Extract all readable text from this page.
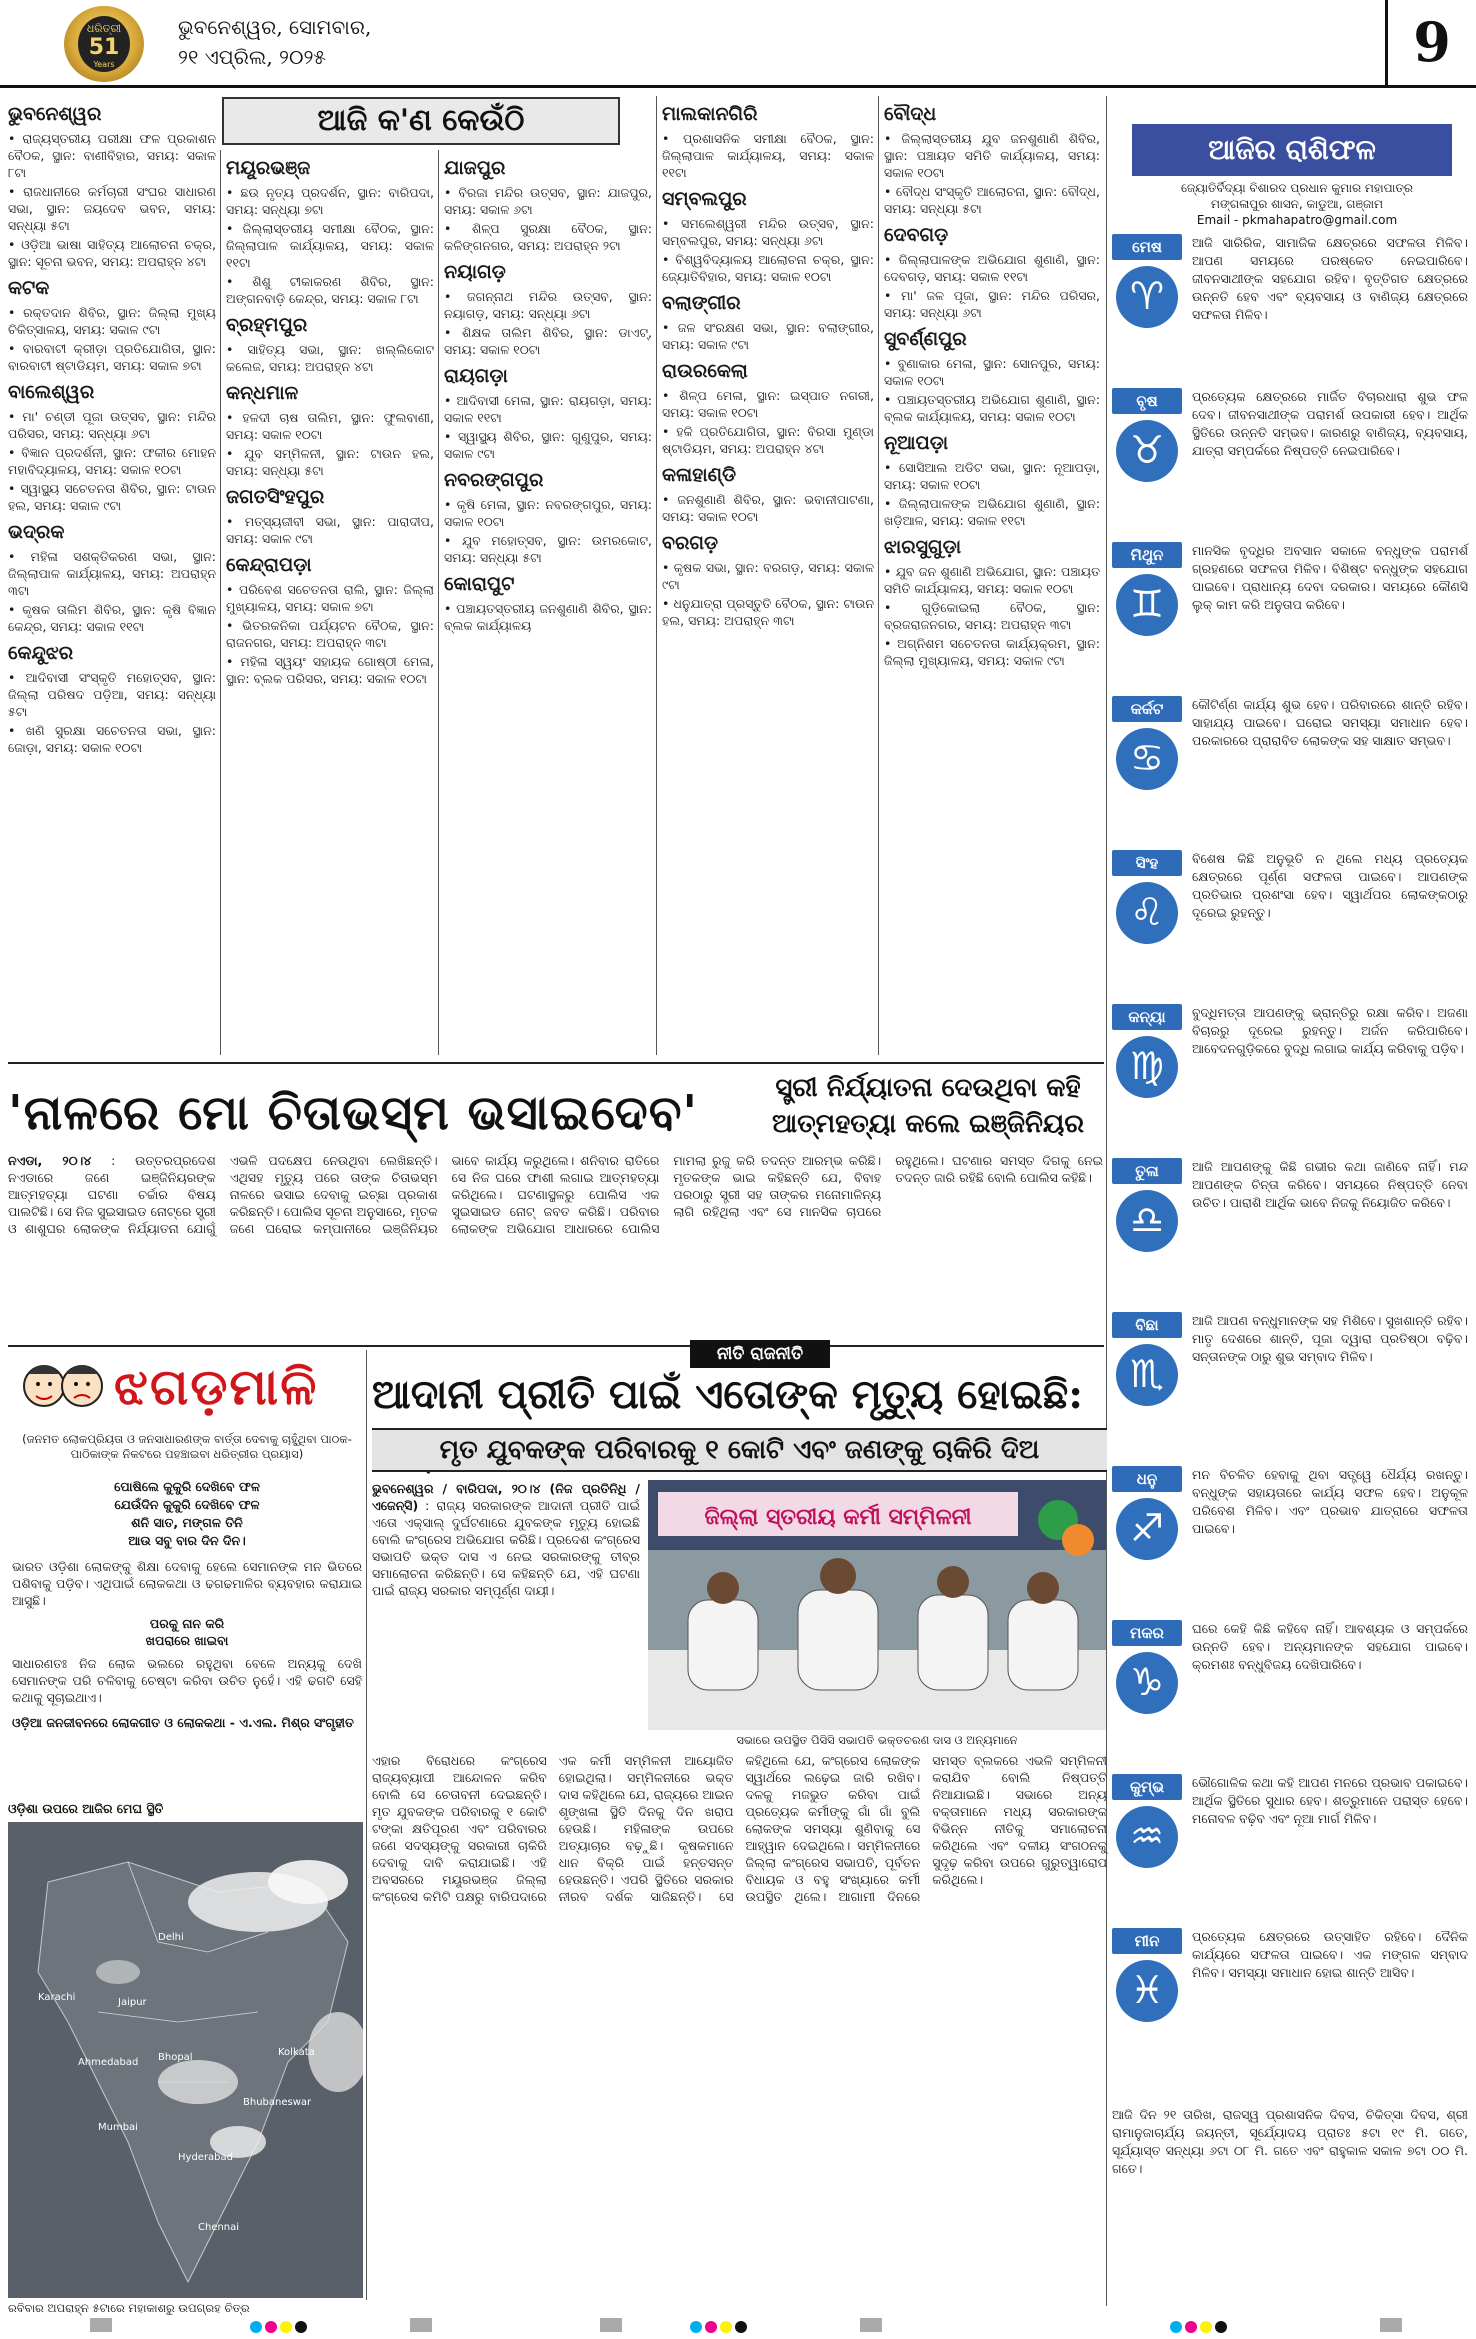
ଧରିତ୍ରୀ
51
Years
ଭୁବନେଶ୍ୱର, ସୋମବାର,
୨୧ ଏପ୍ରିଲ, ୨୦୨୫	9
ଆଜି କ'ଣ କେଉଁଠି
ଭୁବନେଶ୍ୱର
• ରାଜ୍ୟସ୍ତରୀୟ ପରୀକ୍ଷା ଫଳ ପ୍ରକାଶନ ବୈଠକ, ସ୍ଥାନ: ବାଣୀବିହାର, ସମୟ: ସକାଳ ୮ଟା
• ରାଜଧାନୀରେ କର୍ମଚାରୀ ସଂଘର ସାଧାରଣ ସଭା, ସ୍ଥାନ: ଜୟଦେବ ଭବନ, ସମୟ: ସନ୍ଧ୍ୟା ୫ଟା
• ଓଡ଼ିଆ ଭାଷା ସାହିତ୍ୟ ଆଲୋଚନା ଚକ୍ର, ସ୍ଥାନ: ସୂଚନା ଭବନ, ସମୟ: ଅପରାହ୍ନ ୪ଟା
କଟକ
• ରକ୍ତଦାନ ଶିବିର, ସ୍ଥାନ: ଜିଲ୍ଲା ମୁଖ୍ୟ ଚିକିତ୍ସାଳୟ, ସମୟ: ସକାଳ ୯ଟା
• ବାରବାଟୀ କ୍ରୀଡ଼ା ପ୍ରତିଯୋଗିତା, ସ୍ଥାନ: ବାରବାଟୀ ଷ୍ଟାଡିୟମ, ସମୟ: ସକାଳ ୭ଟା
ବାଲେଶ୍ୱର
• ମା' ଚଣ୍ଡୀ ପୂଜା ଉତ୍ସବ, ସ୍ଥାନ: ମନ୍ଦିର ପରିସର, ସମୟ: ସନ୍ଧ୍ୟା ୬ଟା
• ବିଜ୍ଞାନ ପ୍ରଦର୍ଶନୀ, ସ୍ଥାନ: ଫକୀର ମୋହନ ମହାବିଦ୍ୟାଳୟ, ସମୟ: ସକାଳ ୧୦ଟା
• ସ୍ୱାସ୍ଥ୍ୟ ସଚେତନତା ଶିବିର, ସ୍ଥାନ: ଟାଉନ ହଲ, ସମୟ: ସକାଳ ୯ଟା
ଭଦ୍ରକ
• ମହିଳା ସଶକ୍ତିକରଣ ସଭା, ସ୍ଥାନ: ଜିଲ୍ଲାପାଳ କାର୍ଯ୍ୟାଳୟ, ସମୟ: ଅପରାହ୍ନ ୩ଟା
• କୃଷକ ତାଲିମ ଶିବିର, ସ୍ଥାନ: କୃଷି ବିଜ୍ଞାନ କେନ୍ଦ୍ର, ସମୟ: ସକାଳ ୧୧ଟା
କେନ୍ଦୁଝର
• ଆଦିବାସୀ ସଂସ୍କୃତି ମହୋତ୍ସବ, ସ୍ଥାନ: ଜିଲ୍ଲା ପରିଷଦ ପଡ଼ିଆ, ସମୟ: ସନ୍ଧ୍ୟା ୫ଟା
• ଖଣି ସୁରକ୍ଷା ସଚେତନତା ସଭା, ସ୍ଥାନ: ଜୋଡ଼ା, ସମୟ: ସକାଳ ୧୦ଟା
ମୟୂରଭଞ୍ଜ
• ଛଉ ନୃତ୍ୟ ପ୍ରଦର୍ଶନ, ସ୍ଥାନ: ବାରିପଦା, ସମୟ: ସନ୍ଧ୍ୟା ୭ଟା
• ଜିଲ୍ଲାସ୍ତରୀୟ ସମୀକ୍ଷା ବୈଠକ, ସ୍ଥାନ: ଜିଲ୍ଲାପାଳ କାର୍ଯ୍ୟାଳୟ, ସମୟ: ସକାଳ ୧୧ଟା
• ଶିଶୁ ଟୀକାକରଣ ଶିବିର, ସ୍ଥାନ: ଅଙ୍ଗନବାଡ଼ି କେନ୍ଦ୍ର, ସମୟ: ସକାଳ ୮ଟା
ବ୍ରହ୍ମପୁର
• ସାହିତ୍ୟ ସଭା, ସ୍ଥାନ: ଖଲ୍ଲିକୋଟ କଲେଜ, ସମୟ: ଅପରାହ୍ନ ୪ଟା
କନ୍ଧମାଳ
• ହଳଦୀ ଚାଷ ତାଲିମ, ସ୍ଥାନ: ଫୁଲବାଣୀ, ସମୟ: ସକାଳ ୧୦ଟା
• ଯୁବ ସମ୍ମିଳନୀ, ସ୍ଥାନ: ଟାଉନ ହଲ, ସମୟ: ସନ୍ଧ୍ୟା ୫ଟା
ଜଗତସିଂହପୁର
• ମତ୍ସ୍ୟଜୀବୀ ସଭା, ସ୍ଥାନ: ପାରାଦୀପ, ସମୟ: ସକାଳ ୯ଟା
କେନ୍ଦ୍ରାପଡ଼ା
• ପରିବେଶ ସଚେତନତା ରାଲି, ସ୍ଥାନ: ଜିଲ୍ଲା ମୁଖ୍ୟାଳୟ, ସମୟ: ସକାଳ ୭ଟା
• ଭିତରକନିକା ପର୍ଯ୍ୟଟନ ବୈଠକ, ସ୍ଥାନ: ରାଜନଗର, ସମୟ: ଅପରାହ୍ନ ୩ଟା
• ମହିଳା ସ୍ୱୟଂ ସହାୟକ ଗୋଷ୍ଠୀ ମେଳା, ସ୍ଥାନ: ବ୍ଲକ ପରିସର, ସମୟ: ସକାଳ ୧୦ଟା
ଯାଜପୁର
• ବିରଜା ମନ୍ଦିର ଉତ୍ସବ, ସ୍ଥାନ: ଯାଜପୁର, ସମୟ: ସକାଳ ୬ଟା
• ଶିଳ୍ପ ସୁରକ୍ଷା ବୈଠକ, ସ୍ଥାନ: କଳିଙ୍ଗନଗର, ସମୟ: ଅପରାହ୍ନ ୨ଟା
ନୟାଗଡ଼
• ଜଗନ୍ନାଥ ମନ୍ଦିର ଉତ୍ସବ, ସ୍ଥାନ: ନୟାଗଡ଼, ସମୟ: ସନ୍ଧ୍ୟା ୬ଟା
• ଶିକ୍ଷକ ତାଲିମ ଶିବିର, ସ୍ଥାନ: ଡାଏଟ୍, ସମୟ: ସକାଳ ୧୦ଟା
ରାୟଗଡ଼ା
• ଆଦିବାସୀ ମେଳା, ସ୍ଥାନ: ରାୟଗଡ଼ା, ସମୟ: ସକାଳ ୧୧ଟା
• ସ୍ୱାସ୍ଥ୍ୟ ଶିବିର, ସ୍ଥାନ: ଗୁଣୁପୁର, ସମୟ: ସକାଳ ୯ଟା
ନବରଙ୍ଗପୁର
• କୃଷି ମେଳା, ସ୍ଥାନ: ନବରଙ୍ଗପୁର, ସମୟ: ସକାଳ ୧୦ଟା
• ଯୁବ ମହୋତ୍ସବ, ସ୍ଥାନ: ଉମରକୋଟ, ସମୟ: ସନ୍ଧ୍ୟା ୫ଟା
କୋରାପୁଟ
• ପଞ୍ଚାୟତସ୍ତରୀୟ ଜନଶୁଣାଣି ଶିବିର, ସ୍ଥାନ: ବ୍ଲକ କାର୍ଯ୍ୟାଳୟ
ମାଲକାନଗିରି
• ପ୍ରଶାସନିକ ସମୀକ୍ଷା ବୈଠକ, ସ୍ଥାନ: ଜିଲ୍ଲାପାଳ କାର୍ଯ୍ୟାଳୟ, ସମୟ: ସକାଳ ୧୧ଟା
ସମ୍ବଲପୁର
• ସମଲେଶ୍ୱରୀ ମନ୍ଦିର ଉତ୍ସବ, ସ୍ଥାନ: ସମ୍ବଲପୁର, ସମୟ: ସନ୍ଧ୍ୟା ୬ଟା
• ବିଶ୍ୱବିଦ୍ୟାଳୟ ଆଲୋଚନା ଚକ୍ର, ସ୍ଥାନ: ଜ୍ୟୋତିବିହାର, ସମୟ: ସକାଳ ୧୦ଟା
ବଲାଙ୍ଗୀର
• ଜଳ ସଂରକ୍ଷଣ ସଭା, ସ୍ଥାନ: ବଲାଙ୍ଗୀର, ସମୟ: ସକାଳ ୯ଟା
ରାଉରକେଲା
• ଶିଳ୍ପ ମେଳା, ସ୍ଥାନ: ଇସ୍ପାତ ନଗରୀ, ସମୟ: ସକାଳ ୧୦ଟା
• ହକି ପ୍ରତିଯୋଗିତା, ସ୍ଥାନ: ବିରସା ମୁଣ୍ଡା ଷ୍ଟାଡିୟମ, ସମୟ: ଅପରାହ୍ନ ୪ଟା
କଳାହାଣ୍ଡି
• ଜନଶୁଣାଣି ଶିବିର, ସ୍ଥାନ: ଭବାନୀପାଟଣା, ସମୟ: ସକାଳ ୧୦ଟା
ବରଗଡ଼
• କୃଷକ ସଭା, ସ୍ଥାନ: ବରଗଡ଼, ସମୟ: ସକାଳ ୯ଟା
• ଧନୁଯାତ୍ରା ପ୍ରସ୍ତୁତି ବୈଠକ, ସ୍ଥାନ: ଟାଉନ ହଲ, ସମୟ: ଅପରାହ୍ନ ୩ଟା
ବୌଦ୍ଧ
• ଜିଲ୍ଲାସ୍ତରୀୟ ଯୁବ ଜନଶୁଣାଣି ଶିବିର, ସ୍ଥାନ: ପଞ୍ଚାୟତ ସମିତି କାର୍ଯ୍ୟାଳୟ, ସମୟ: ସକାଳ ୧୦ଟା
• ବୌଦ୍ଧ ସଂସ୍କୃତି ଆଲୋଚନା, ସ୍ଥାନ: ବୌଦ୍ଧ, ସମୟ: ସନ୍ଧ୍ୟା ୫ଟା
ଦେବଗଡ଼
• ଜିଲ୍ଲାପାଳଙ୍କ ଅଭିଯୋଗ ଶୁଣାଣି, ସ୍ଥାନ: ଦେବଗଡ଼, ସମୟ: ସକାଳ ୧୧ଟା
• ମା' ଜଳ ପୂଜା, ସ୍ଥାନ: ମନ୍ଦିର ପରିସର, ସମୟ: ସନ୍ଧ୍ୟା ୬ଟା
ସୁବର୍ଣ୍ଣପୁର
• ବୁଣାକାର ମେଳା, ସ୍ଥାନ: ସୋନପୁର, ସମୟ: ସକାଳ ୧୦ଟା
• ପଞ୍ଚାୟତସ୍ତରୀୟ ଅଭିଯୋଗ ଶୁଣାଣି, ସ୍ଥାନ: ବ୍ଲକ କାର୍ଯ୍ୟାଳୟ, ସମୟ: ସକାଳ ୧୦ଟା
ନୂଆପଡ଼ା
• ସୋସିଆଲ ଅଡିଟ ସଭା, ସ୍ଥାନ: ନୂଆପଡ଼ା, ସମୟ: ସକାଳ ୧୦ଟା
• ଜିଲ୍ଲାପାଳଙ୍କ ଅଭିଯୋଗ ଶୁଣାଣି, ସ୍ଥାନ: ଖଡ଼ିଆଳ, ସମୟ: ସକାଳ ୧୧ଟା
ଝାରସୁଗୁଡ଼ା
• ଯୁବ ଜନ ଶୁଣାଣି ଅଭିଯୋଗ, ସ୍ଥାନ: ପଞ୍ଚାୟତ ସମିତି କାର୍ଯ୍ୟାଳୟ, ସମୟ: ସକାଳ ୧୦ଟା
• ଗୁଡ଼ିକୋଇଲା ବୈଠକ, ସ୍ଥାନ: ବ୍ରଜରାଜନଗର, ସମୟ: ଅପରାହ୍ନ ୩ଟା
• ଅଗ୍ନିଶମ ସଚେତନତା କାର୍ଯ୍ୟକ୍ରମ, ସ୍ଥାନ: ଜିଲ୍ଲା ମୁଖ୍ୟାଳୟ, ସମୟ: ସକାଳ ୯ଟା
ଆଜିର ରାଶିଫଳ
ଜ୍ୟୋତିର୍ବିଦ୍ୟା ବିଶାରଦ ପ୍ରଧାନ କୁମାର ମହାପାତ୍ର
ମଙ୍ଗଳାପୁର ଶାସନ, କାଡୁଆ, ଗଞ୍ଜାମ
Email - pkmahapatro@gmail.com
ମେଷ
♈
ଆଜି ସାରିରିକ, ସାମାଜିକ କ୍ଷେତ୍ରରେ ସଫଳତା ମିଳିବ। ଆପଣ ସମୟରେ ପରଷ୍କେତ ନେଇପାରିବେ। ଜୀବନସାଥୀଙ୍କ ସହଯୋଗ ରହିବ। ବୃତ୍ତିଗତ କ୍ଷେତ୍ରରେ ଉନ୍ନତି ହେବ ଏବଂ ବ୍ୟବସାୟ ଓ ବାଣିଜ୍ୟ କ୍ଷେତ୍ରରେ ସଫଳତା ମିଳିବ।
ବୃଷ
♉
ପ୍ରତ୍ୟେକ କ୍ଷେତ୍ରରେ ମାର୍ଜିତ ବିଚାରଧାରା ଶୁଭ ଫଳ ଦେବ। ଜୀବନସାଥୀଙ୍କ ପରାମର୍ଶ ଉପକାରୀ ହେବ। ଆର୍ଥିକ ସ୍ଥିତିରେ ଉନ୍ନତି ସମ୍ଭବ। କାରଣରୁ ବାଣିଜ୍ୟ, ବ୍ୟବସାୟ, ଯାତ୍ରା ସମ୍ପର୍କରେ ନିଷ୍ପତ୍ତି ନେଇପାରିବେ।
ମିଥୁନ
♊
ମାନସିକ ବୃଦ୍ଧିର ଅବସାନ ସକାଳେ ବନ୍ଧୁଙ୍କ ପରାମର୍ଶ ଗ୍ରହଣରେ ସଫଳତା ମିଳିବ। ବିଶିଷ୍ଟ ବନ୍ଧୁଙ୍କ ସହଯୋଗ ପାଇବେ। ପ୍ରାଧାନ୍ୟ ଦେବା ଦରକାର। ସମୟରେ କୌଣସି ଲୁକ୍ କାମ କରି ଅନୁତାପ କରିବେ।
କର୍କଟ
♋
କୌଟିର୍ଣ୍ଣ କାର୍ଯ୍ୟ ଶୁଭ ହେବ। ପରିବାରରେ ଶାନ୍ତି ରହିବ। ସାହାଯ୍ୟ ପାଇବେ। ଘରୋଇ ସମସ୍ୟା ସମାଧାନ ହେବ। ପରକାରରେ ପ୍ରାରାବିତ ଲୋକଙ୍କ ସହ ସାକ୍ଷାତ ସମ୍ଭବ।
ସିଂହ
♌
ବିଶେଷ କିଛି ଅନୁଭୂତି ନ ଥିଲେ ମଧ୍ୟ ପ୍ରତ୍ୟେକ କ୍ଷେତ୍ରରେ ପୂର୍ଣ୍ଣ ସଫଳତା ପାଇବେ। ଆପଣଙ୍କ ପ୍ରତିଭାର ପ୍ରଶଂସା ହେବ। ସ୍ୱାର୍ଥପର ଲୋକଙ୍କଠାରୁ ଦୂରେଇ ରୁହନ୍ତୁ।
କନ୍ୟା
♍
ବୁଦ୍ଧିମତ୍ତା ଆପଣଙ୍କୁ ଭ୍ରାନ୍ତିରୁ ରକ୍ଷା କରିବ। ଅଜଣା ବିଚାରରୁ ଦୂରେଇ ରୁହନ୍ତୁ। ଅର୍ଜନ କରିପାରିବେ। ଆବେଦନଗୁଡ଼ିକରେ ବୁଦ୍ଧି ଲଗାଇ କାର୍ଯ୍ୟ କରିବାକୁ ପଡ଼ିବ।
ତୁଳା
♎
ଆଜି ଆପଣଙ୍କୁ କିଛି ଗଭୀର କଥା ଜାଣିବେ ନାହିଁ। ମନ୍ଦ ଆପଣଙ୍କ ଚିନ୍ତା କରିବେ। ସମୟରେ ନିଷ୍ପତ୍ତି ନେବା ଉଚିତ। ପାରାଶି ଆର୍ଥିକ ଭାବେ ନିଜକୁ ନିୟୋଜିତ କରିବେ।
ବିଛା
♏
ଆଜି ଆପଣ ବନ୍ଧୁମାନଙ୍କ ସହ ମିଶିବେ। ସୁଖଶାନ୍ତି ରହିବ। ମାତୃ ଦେଶରେ ଶାନ୍ତି, ପୂଜା ଦ୍ୱାରା ପ୍ରତିଷ୍ଠା ବଢ଼ିବ। ସନ୍ତାନଙ୍କ ଠାରୁ ଶୁଭ ସମ୍ବାଦ ମିଳିବ।
ଧନୁ
♐
ମନ ବିଚଳିତ ହେବାକୁ ଥିବା ସତ୍ତ୍ୱେ ଧୈର୍ଯ୍ୟ ରଖନ୍ତୁ। ବନ୍ଧୁଙ୍କ ସହାୟତାରେ କାର୍ଯ୍ୟ ସଫଳ ହେବ। ଅନୁକୂଳ ପରିବେଶ ମିଳିବ। ଏବଂ ପ୍ରଭାବ ଯାତ୍ରାରେ ସଫଳତା ପାଇବେ।
ମକର
♑
ଘରେ କେହି କିଛି କହିବେ ନାହିଁ। ଆବଶ୍ୟକ ଓ ସମ୍ପର୍କରେ ଉନ୍ନତି ହେବ। ଅନ୍ୟମାନଙ୍କ ସହଯୋଗ ପାଇବେ। କ୍ରମଶଃ ବନ୍ଧୁବିଜୟ ଦେଖିପାରିବେ।
କୁମ୍ଭ
♒
ଭୌଗୋଳିକ କଥା କହି ଆପଣ ମନରେ ପ୍ରଭାବ ପକାଇବେ। ଆର୍ଥିକ ସ୍ଥିତିରେ ସୁଧାର ହେବ। ଶତ୍ରୁମାନେ ପରାସ୍ତ ହେବେ। ମନୋବଳ ବଢ଼ିବ ଏବଂ ନୂଆ ମାର୍ଗ ମିଳିବ।
ମୀନ
♓
ପ୍ରତ୍ୟେକ କ୍ଷେତ୍ରରେ ଉତ୍ସାହିତ ରହିବେ। ଦୈନିକ କାର୍ଯ୍ୟରେ ସଫଳତା ପାଇବେ। ଏକ ମଙ୍ଗଳ ସମ୍ବାଦ ମିଳିବ। ସମସ୍ୟା ସମାଧାନ ହୋଇ ଶାନ୍ତି ଆସିବ।
ଆଜି ଦିନ ୨୧ ତାରିଖ, ରାଜସ୍ୱ ପ୍ରଶାସନିକ ଦିବସ, ଚିକିତ୍ସା ଦିବସ, ଶ୍ରୀ ରାମାନୁଜାଚାର୍ଯ୍ୟ ଜୟନ୍ତୀ, ସୂର୍ଯ୍ୟୋଦୟ ପ୍ରାତଃ ୫ଟା ୧୯ ମି. ଗତେ, ସୂର୍ଯ୍ୟାସ୍ତ ସନ୍ଧ୍ୟା ୬ଟା ୦୮ ମି. ଗତେ ଏବଂ ରାହୁକାଳ ସକାଳ ୭ଟା ୦୦ ମି. ଗତେ।
'ନାଳରେ ମୋ ଚିତାଭସ୍ମ ଭସାଇଦେବ'	ସ୍ତ୍ରୀ ନିର୍ଯ୍ୟାତନା ଦେଉଥିବା କହି ଆତ୍ମହତ୍ୟା କଲେ ଇଞ୍ଜିନିୟର
ନଏଡା, ୨୦।୪ : ଉତ୍ତରପ୍ରଦେଶ ନଏଡାରେ ଜଣେ ଇଞ୍ଜିନିୟରଙ୍କ ଆତ୍ମହତ୍ୟା ଘଟଣା ଚର୍ଚ୍ଚାର ବିଷୟ ପାଲଟିଛି। ସେ ନିଜ ସୁଇସାଇଡ ନୋଟ୍‌ରେ ସ୍ତ୍ରୀ ଓ ଶାଶୁଘର ଲୋକଙ୍କ ନିର୍ଯ୍ୟାତନା ଯୋଗୁଁ ଏଭଳି ପଦକ୍ଷେପ ନେଉଥିବା ଲେଖିଛନ୍ତି। ଏଥିସହ ମୃତ୍ୟୁ ପରେ ତାଙ୍କ ଚିତାଭସ୍ମ ନାଳରେ ଭସାଇ ଦେବାକୁ ଇଚ୍ଛା ପ୍ରକାଶ କରିଛନ୍ତି। ପୋଲିସ ସୂଚନା ଅନୁସାରେ, ମୃତକ ଜଣେ ଘରୋଇ କମ୍ପାନୀରେ ଇଞ୍ଜିନିୟର ଭାବେ କାର୍ଯ୍ୟ କରୁଥିଲେ। ଶନିବାର ରାତିରେ ସେ ନିଜ ଘରେ ଫାଶୀ ଲଗାଇ ଆତ୍ମହତ୍ୟା କରିଥିଲେ। ଘଟଣାସ୍ଥଳରୁ ପୋଲିସ ଏକ ସୁଇସାଇଡ ନୋଟ୍ ଜବତ କରିଛି। ପରିବାର ଲୋକଙ୍କ ଅଭିଯୋଗ ଆଧାରରେ ପୋଲିସ ମାମଲା ରୁଜୁ କରି ତଦନ୍ତ ଆରମ୍ଭ କରିଛି। ମୃତକଙ୍କ ଭାଇ କହିଛନ୍ତି ଯେ, ବିବାହ ପରଠାରୁ ସ୍ତ୍ରୀ ସହ ତାଙ୍କର ମନୋମାଳିନ୍ୟ ଲାଗି ରହିଥିଲା ଏବଂ ସେ ମାନସିକ ଚାପରେ ରହୁଥିଲେ। ଘଟଣାର ସମସ୍ତ ଦିଗକୁ ନେଇ ତଦନ୍ତ ଜାରି ରହିଛି ବୋଲି ପୋଲିସ କହିଛି।
ଝଗଡ଼ମାଳି
(ଜନମତ ଲୋକପ୍ରିୟତା ଓ ଜନସାଧାରଣଙ୍କ ବାର୍ତ୍ତା ଦେବାକୁ ଚାହୁଁଥିବା ପାଠକ-ପାଠିକାଙ୍କ ନିକଟରେ ପହଞ୍ଚାଇବା ଧରିତ୍ରୀର ପ୍ରୟାସ)
ପୋଷିଲେ କୁକୁରି ଦେଖିବେ ଫଳ
ଯେଉଁଦିନ କୁକୁରି ଦେଖିବେ ଫଳ
ଶନି ସାତ, ମଙ୍ଗଳ ତିନି
ଆଉ ସବୁ ବାର ଦିନ ଦିନ।
ଭାରତ ଓଡ଼ିଶା ଲୋକଙ୍କୁ ଶିକ୍ଷା ଦେବାକୁ ହେଲେ ସେମାନଙ୍କ ମନ ଭିତରେ ପଶିବାକୁ ପଡ଼ିବ। ଏଥିପାଇଁ ଲୋକକଥା ଓ ଢଗଢମାଳିର ବ୍ୟବହାର କରାଯାଇ ଆସୁଛି।
ପରକୁ ନାନ କରି
ଖପରାରେ ଖାଇବା
ସାଧାରଣତଃ ନିଜ ଲୋକ ଭଲରେ ରହୁଥିବା ବେଳେ ଅନ୍ୟକୁ ଦେଖି ସେମାନଙ୍କ ପରି ଚଳିବାକୁ ଚେଷ୍ଟା କରିବା ଉଚିତ ନୁହେଁ। ଏହି ଢଗଟି ସେହି କଥାକୁ ସୂଚାଇଥାଏ।
ଓଡ଼ିଆ ଜନଜୀବନରେ ଲୋକଗୀତ ଓ ଲୋକକଥା - ଏ.ଏଲ. ମିଶ୍ର ସଂଗୃହୀତ
ଓଡ଼ିଶା ଉପରେ ଆଜିର ମେଘ ସ୍ଥିତି
Karachi
Ahmedabad
Jaipur
Delhi
Bhopal
Mumbai
Kolkata
Bhubaneswar
Hyderabad
Chennai
ରବିବାର ଅପରାହ୍ନ ୫ଟାରେ ମହାକାଶରୁ ଉପଗ୍ରହ ଚିତ୍ର
ନୀତି ରାଜନୀତି
ଆଦାନୀ ପ୍ରୀତି ପାଇଁ ଏତୋଙ୍କ ମୃତ୍ୟୁ ହୋଇଛି:
ମୃତ ଯୁବକଙ୍କ ପରିବାରକୁ ୧ କୋଟି ଏବଂ ଜଣଙ୍କୁ ଚାକିରି ଦିଅ
ଭୁବନେଶ୍ୱର / ବାରିପଦା, ୨୦।୪ (ନିଜ ପ୍ରତିନିଧି / ଏଜେନ୍ସି) : ରାଜ୍ୟ ସରକାରଙ୍କ ଆଦାନୀ ପ୍ରୀତି ପାଇଁ ଏତୋ ଏକ୍ସାଲ୍ ଦୁର୍ଘଟଣାରେ ଯୁବକଙ୍କ ମୃତ୍ୟୁ ହୋଇଛି ବୋଲି କଂଗ୍ରେସ ଅଭିଯୋଗ କରିଛି। ପ୍ରଦେଶ କଂଗ୍ରେସ ସଭାପତି ଭକ୍ତ ଦାସ ଏ ନେଇ ସରକାରଙ୍କୁ ତୀବ୍ର ସମାଲୋଚନା କରିଛନ୍ତି। ସେ କହିଛନ୍ତି ଯେ, ଏହି ଘଟଣା ପାଇଁ ରାଜ୍ୟ ସରକାର ସମ୍ପୂର୍ଣ୍ଣ ଦାୟୀ।
ଜିଲ୍ଲା ସ୍ତରୀୟ କର୍ମୀ ସମ୍ମିଳନୀ
ସଭାରେ ଉପସ୍ଥିତ ପିସିସି ସଭାପତି ଭକ୍ତଚରଣ ଦାସ ଓ ଅନ୍ୟମାନେ
ଏହାର ବିରୋଧରେ କଂଗ୍ରେସ ରାଜ୍ୟବ୍ୟାପୀ ଆନ୍ଦୋଳନ କରିବ ବୋଲି ସେ ଚେତାବନୀ ଦେଇଛନ୍ତି। ମୃତ ଯୁବକଙ୍କ ପରିବାରକୁ ୧ କୋଟି ଟଙ୍କା କ୍ଷତିପୂରଣ ଏବଂ ପରିବାରର ଜଣେ ସଦସ୍ୟଙ୍କୁ ସରକାରୀ ଚାକିରି ଦେବାକୁ ଦାବି କରାଯାଇଛି। ଏହି ଅବସରରେ ମୟୂରଭଞ୍ଜ ଜିଲ୍ଲା କଂଗ୍ରେସ କମିଟି ପକ୍ଷରୁ ବାରିପଦାରେ ଏକ କର୍ମୀ ସମ୍ମିଳନୀ ଆୟୋଜିତ ହୋଇଥିଲା। ସମ୍ମିଳନୀରେ ଭକ୍ତ ଦାସ କହିଥିଲେ ଯେ, ରାଜ୍ୟରେ ଆଇନ ଶୃଙ୍ଖଳା ସ୍ଥିତି ଦିନକୁ ଦିନ ଖରାପ ହେଉଛି। ମହିଳାଙ୍କ ଉପରେ ଅତ୍ୟାଚାର ବଢ଼ୁଛି। କୃଷକମାନେ ଧାନ ବିକ୍ରି ପାଇଁ ହନ୍ତସନ୍ତ ହେଉଛନ୍ତି। ଏପରି ସ୍ଥିତିରେ ସରକାର ନୀରବ ଦର୍ଶକ ସାଜିଛନ୍ତି। ସେ କହିଥିଲେ ଯେ, କଂଗ୍ରେସ ଲୋକଙ୍କ ସ୍ୱାର୍ଥରେ ଲଢ଼େଇ ଜାରି ରଖିବ। ଦଳକୁ ମଜଭୁତ କରିବା ପାଇଁ ପ୍ରତ୍ୟେକ କର୍ମୀଙ୍କୁ ଗାଁ ଗାଁ ବୁଲି ଲୋକଙ୍କ ସମସ୍ୟା ଶୁଣିବାକୁ ସେ ଆହ୍ୱାନ ଦେଇଥିଲେ। ସମ୍ମିଳନୀରେ ଜିଲ୍ଲା କଂଗ୍ରେସ ସଭାପତି, ପୂର୍ବତନ ବିଧାୟକ ଓ ବହୁ ସଂଖ୍ୟାରେ କର୍ମୀ ଉପସ୍ଥିତ ଥିଲେ। ଆଗାମୀ ଦିନରେ ସମସ୍ତ ବ୍ଲକରେ ଏଭଳି ସମ୍ମିଳନୀ କରାଯିବ ବୋଲି ନିଷ୍ପତ୍ତି ନିଆଯାଇଛି। ସଭାରେ ଅନ୍ୟ ବକ୍ତାମାନେ ମଧ୍ୟ ସରକାରଙ୍କ ବିଭିନ୍ନ ନୀତିକୁ ସମାଲୋଚନା କରିଥିଲେ ଏବଂ ଦଳୀୟ ସଂଗଠନକୁ ସୁଦୃଢ଼ କରିବା ଉପରେ ଗୁରୁତ୍ୱାରୋପ କରିଥିଲେ।
